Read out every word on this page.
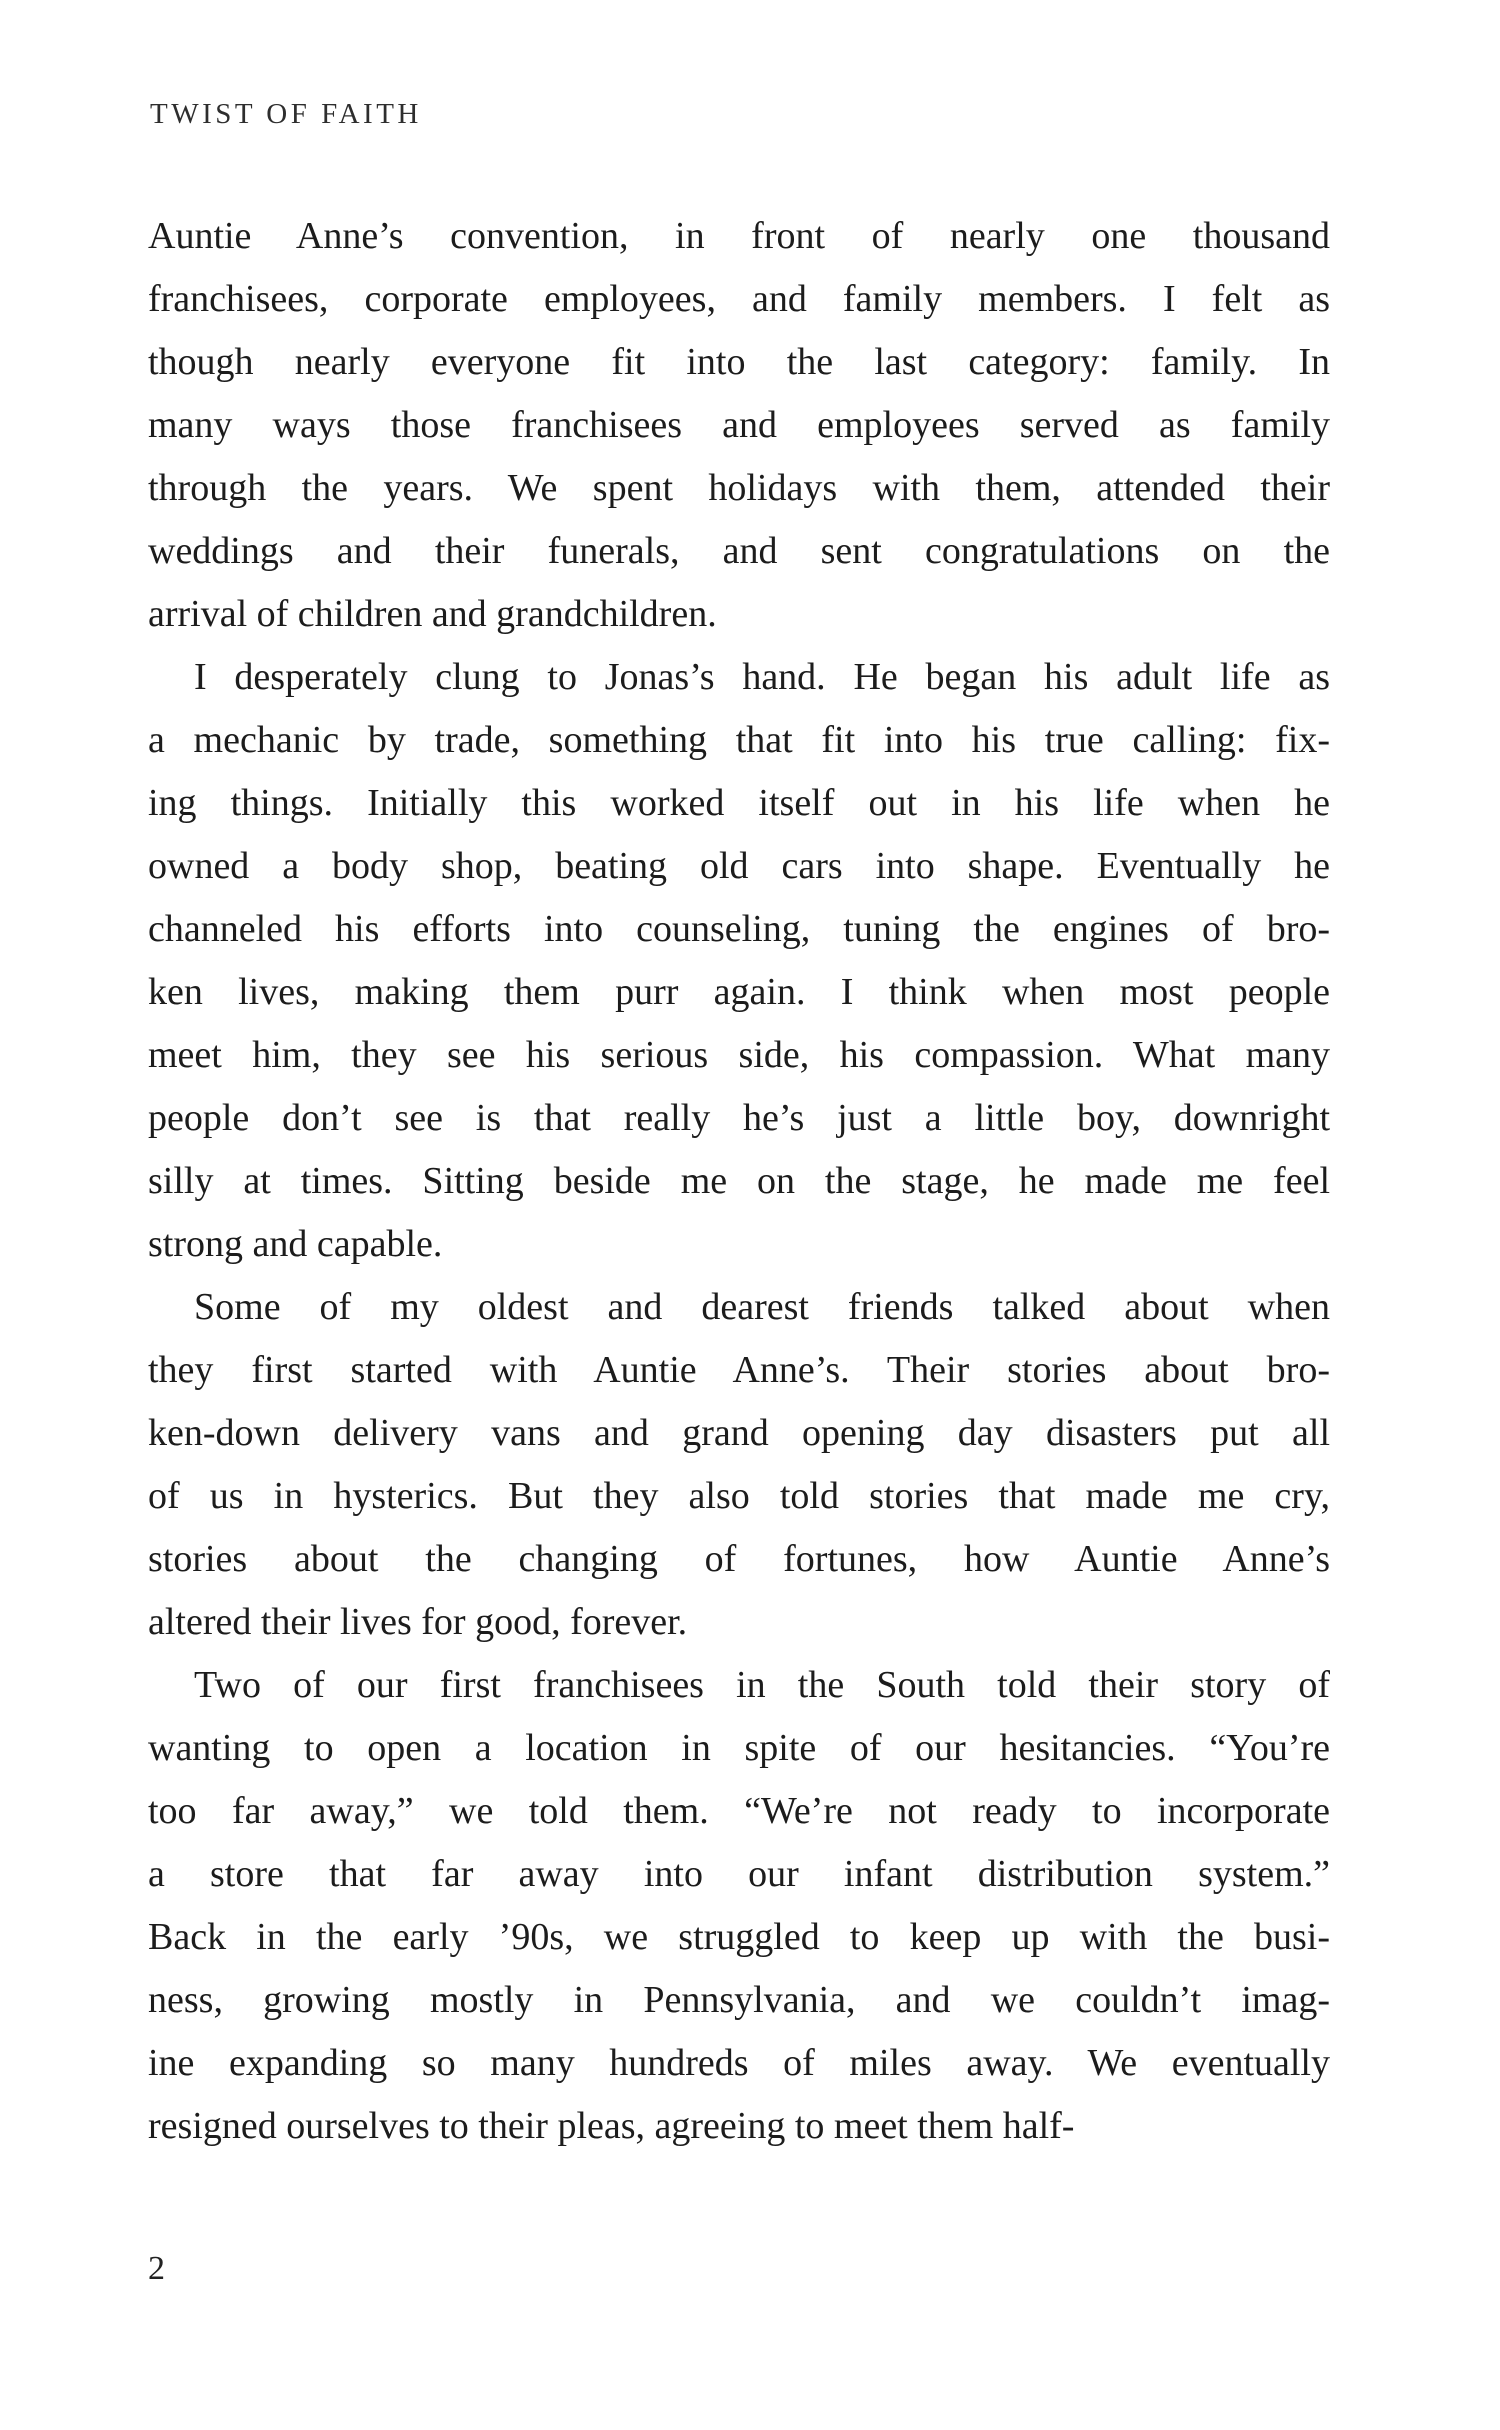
TWIST OF FAITH
Auntie Anne’s convention, in front of nearly one thousand
franchisees, corporate employees, and family members. I felt as
though nearly everyone fit into the last category: family. In
many ways those franchisees and employees served as family
through the years. We spent holidays with them, attended their
weddings and their funerals, and sent congratulations on the
arrival of children and grandchildren.
I desperately clung to Jonas’s hand. He began his adult life as
a mechanic by trade, something that fit into his true calling: fix-
ing things. Initially this worked itself out in his life when he
owned a body shop, beating old cars into shape. Eventually he
channeled his efforts into counseling, tuning the engines of bro-
ken lives, making them purr again. I think when most people
meet him, they see his serious side, his compassion. What many
people don’t see is that really he’s just a little boy, downright
silly at times. Sitting beside me on the stage, he made me feel
strong and capable.
Some of my oldest and dearest friends talked about when
they first started with Auntie Anne’s. Their stories about bro-
ken-down delivery vans and grand opening day disasters put all
of us in hysterics. But they also told stories that made me cry,
stories about the changing of fortunes, how Auntie Anne’s
altered their lives for good, forever.
Two of our first franchisees in the South told their story of
wanting to open a location in spite of our hesitancies. “You’re
too far away,” we told them. “We’re not ready to incorporate
a store that far away into our infant distribution system.”
Back in the early ’90s, we struggled to keep up with the busi-
ness, growing mostly in Pennsylvania, and we couldn’t imag-
ine expanding so many hundreds of miles away. We eventually
resigned ourselves to their pleas, agreeing to meet them half-
2
